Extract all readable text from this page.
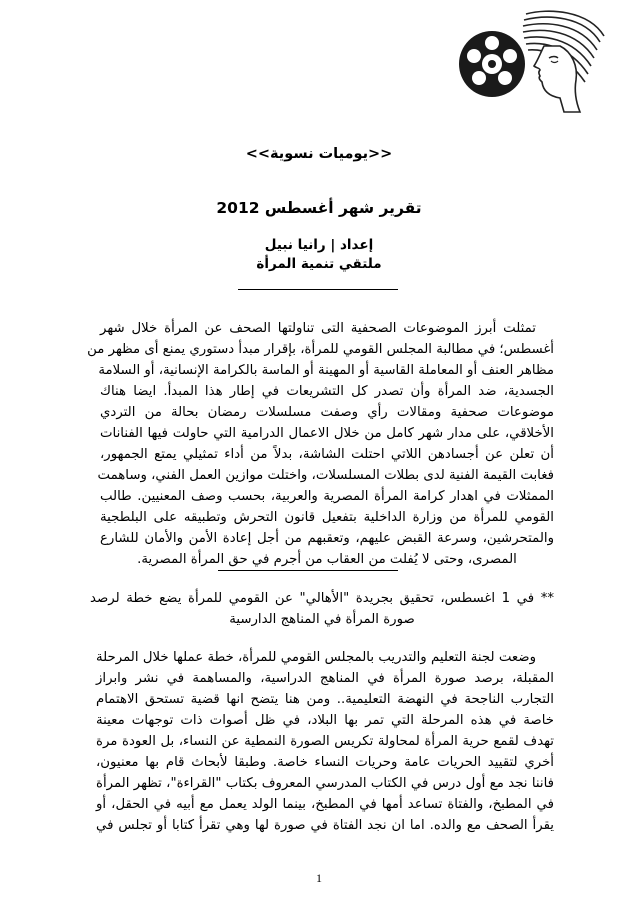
<<يوميات نسوية>>
تقرير شهر أغسطس 2012
إعداد | رانيا نبيل
ملتقي تنمية المرأة
تمثلت أبرز الموضوعات الصحفية التى تناولتها الصحف عن المرأة خلال شهر
أغسطس؛ في مطالبة المجلس القومي للمرأة، بإقرار مبدأ دستوري يمنع أى مظهر من
مظاهر العنف أو المعاملة القاسية أو المهينة أو الماسة بالكرامة الإنسانية، أو السلامة
الجسدية، ضد المرأة وأن تصدر كل التشريعات في إطار هذا المبدأ. ايضا هناك
موضوعات صحفية ومقالات رأي وصفت مسلسلات رمضان بحالة من التردي
الأخلاقي، على مدار شهر كامل من خلال الاعمال الدرامية التي حاولت فيها الفنانات
أن تعلن عن أجسادهن اللاتي احتلت الشاشة، بدلاً من أداء تمثيلي يمتع الجمهور،
فغابت القيمة الفنية لدى بطلات المسلسلات، واختلت موازين العمل الفني، وساهمت
الممثلات في اهدار كرامة المرأة المصرية والعربية، بحسب وصف المعنيين. طالب
القومي للمرأة من وزارة الداخلية بتفعيل قانون التحرش وتطبيقه على البلطجية
والمتحرشين، وسرعة القبض عليهم، وتعقبهم من أجل إعادة الأمن والأمان للشارع
المصرى، وحتى لا يُفلت من العقاب من أجرم في حق المرأة المصرية.
** في 1 اغسطس، تحقيق بجريدة "الأهالي" عن القومي للمرأة يضع خطة لرصد
صورة المرأة في المناهج الدارسية
وضعت لجنة التعليم والتدريب بالمجلس القومي للمرأة، خطة عملها خلال المرحلة
المقبلة، برصد صورة المرأة في المناهج الدراسية، والمساهمة في نشر وابراز
التجارب الناجحة في النهضة التعليمية.. ومن هنا يتضح انها قضية تستحق الاهتمام
خاصة في هذه المرحلة التي تمر بها البلاد، في ظل أصوات ذات توجهات معينة
تهدف لقمع حرية المرأة لمحاولة تكريس الصورة النمطية عن النساء، بل العودة مرة
أخري لتقييد الحريات عامة وحريات النساء خاصة. وطبقا لأبحاث قام بها معنيون،
فاننا نجد مع أول درس في الكتاب المدرسي المعروف بكتاب "القراءة"، تظهر المرأة
في المطبخ، والفتاة تساعد أمها في المطبخ، بينما الولد يعمل مع أبيه في الحقل، أو
يقرأ الصحف مع والده. اما ان نجد الفتاة في صورة لها وهي تقرأ كتابا أو تجلس في
1
